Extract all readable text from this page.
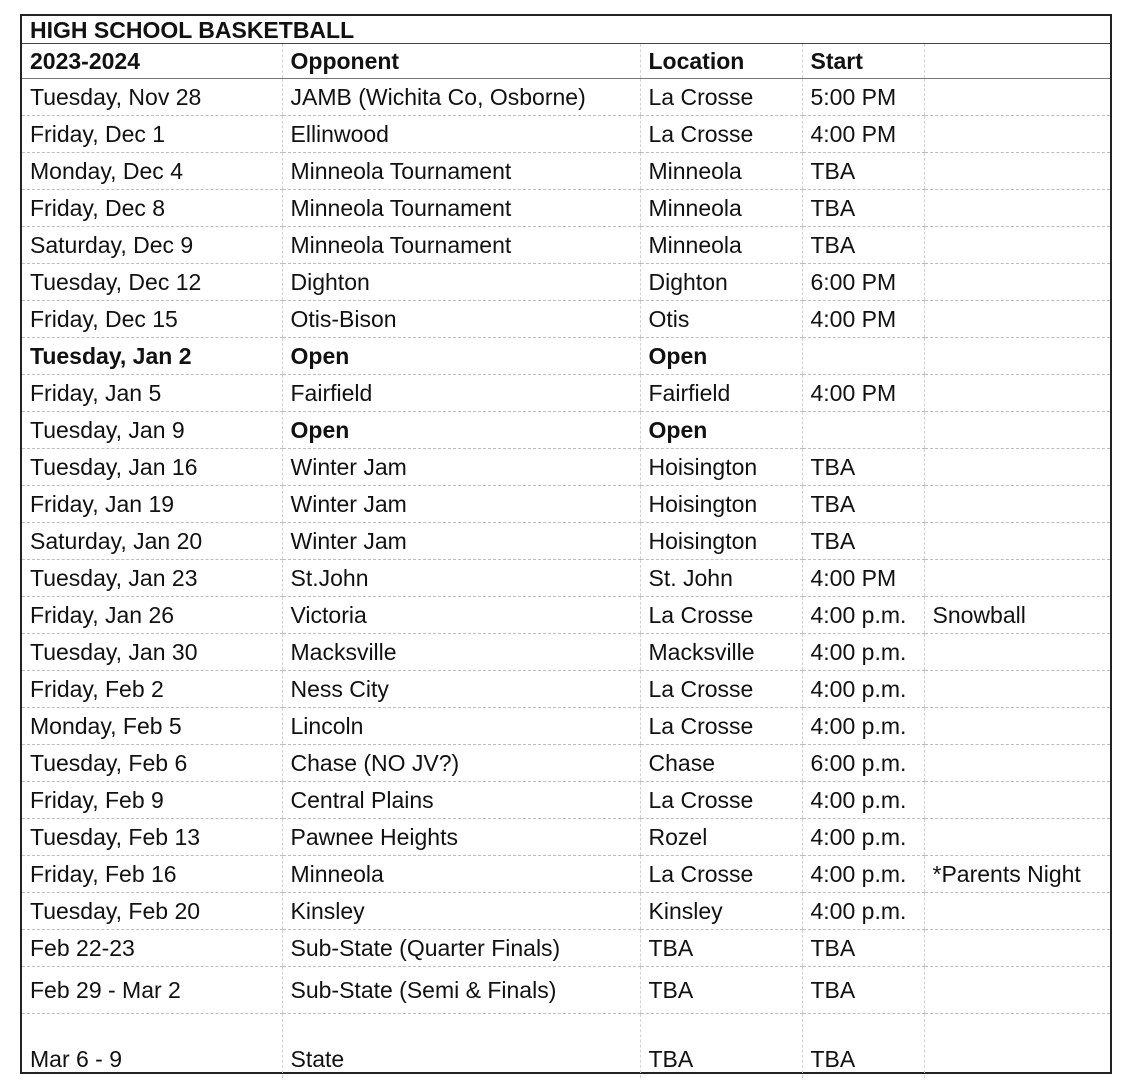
HIGH SCHOOL BASKETBALL				
2023-2024	Opponent	Location	Start	
Tuesday, Nov 28	JAMB (Wichita Co, Osborne)	La Crosse	5:00 PM	
Friday, Dec 1	Ellinwood	La Crosse	4:00 PM	
Monday, Dec 4	Minneola Tournament	Minneola	TBA	
Friday, Dec 8	Minneola Tournament	Minneola	TBA	
Saturday, Dec 9	Minneola Tournament	Minneola	TBA	
Tuesday, Dec 12	Dighton	Dighton	6:00 PM	
Friday, Dec 15	Otis-Bison	Otis	4:00 PM	
Tuesday, Jan 2	Open	Open		
Friday, Jan 5	Fairfield	Fairfield	4:00 PM	
Tuesday, Jan 9	Open	Open		
Tuesday, Jan 16	Winter Jam	Hoisington	TBA	
Friday, Jan 19	Winter Jam	Hoisington	TBA	
Saturday, Jan 20	Winter Jam	Hoisington	TBA	
Tuesday, Jan 23	St.John	St. John	4:00 PM	
Friday, Jan 26	Victoria	La Crosse	4:00 p.m.	Snowball
Tuesday, Jan 30	Macksville	Macksville	4:00 p.m.	
Friday, Feb 2	Ness City	La Crosse	4:00 p.m.	
Monday, Feb 5	Lincoln	La Crosse	4:00 p.m.	
Tuesday, Feb 6	Chase (NO JV?)	Chase	6:00 p.m.	
Friday, Feb 9	Central Plains	La Crosse	4:00 p.m.	
Tuesday, Feb 13	Pawnee Heights	Rozel	4:00 p.m.	
Friday, Feb 16	Minneola	La Crosse	4:00 p.m.	*Parents Night
Tuesday, Feb 20	Kinsley	Kinsley	4:00 p.m.	
Feb 22-23	Sub-State (Quarter Finals)	TBA	TBA	
Feb 29 - Mar 2	Sub-State (Semi & Finals)	TBA	TBA	
Mar 6 - 9	State	TBA	TBA	
